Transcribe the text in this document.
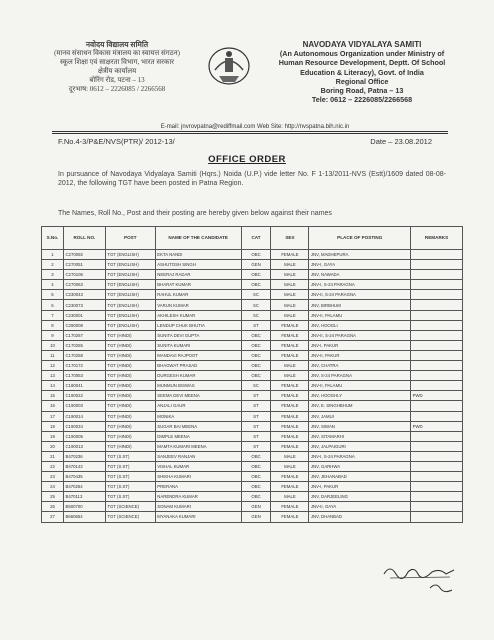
नवोदय विद्यालय समिति
(मानव संसाधन विकास मंत्रालय का स्वायत्त संगठन)
स्कूल शिक्षा एवं साक्षरता विभाग, भारत सरकार
क्षेत्रीय कार्यालय
बोरिंग रोड, पटना – 13
दूरभाष: 0612 – 2226085 / 2266568
NAVODAYA VIDYALAYA SAMITI
(An Autonomous Organization under Ministry of
Human Resource Development, Deptt. Of School
Education & Literacy), Govt. of India
Regional Office
Boring Road, Patna – 13
Tele: 0612 – 2226085/2266568
E-mail: jnvrovpatna@rediffmail.com Web Site: http://nvspatna.bih.nic.in
F.No.4-3/P&E/NVS(PTR)/ 2012-13/	Date – 23.08.2012
OFFICE ORDER
In pursuance of Navodaya Vidyalaya Samiti (Hqrs.) Noida (U.P.) vide letter No. F 1-13/2011-NVS (Estt)/1609 dated 08-08-2012, the following TGT have been posted in Patna Region.
The Names, Roll No., Post and their posting are hereby given below against their names
S.No.	ROLL NO.	POST	NAME OF THE CANDIDATE	CAT	SEX	PLACE OF POSTING	REMARKS
1	C270092	TGT (ENGLISH)	EKTA NANDI	OBC	FEMALE	JNV, MADHEPURA	
2	C270051	TGT (ENGLISH)	ASHUTOSH SINGH	GEN	MALE	JNV-I, GAYA	
3	C270106	TGT (ENGLISH)	NEERAJ RADAR	OBC	MALE	JNV, NAWADA	
4	C270063	TGT (ENGLISH)	BHARAT KUMAR	OBC	MALE	JNV-I, S-24 PARAGNA	
5	C230043	TGT (ENGLISH)	RAHUL KUMAR	SC	MALE	JNV-II, S-24 PARAGNA	
6	C230073	TGT (ENGLISH)	VARUN KUMAR	SC	MALE	JNV, BIRBHUM	
7	C230001	TGT (ENGLISH)	AKHILESH KUMAR	SC	MALE	JNV-II, PALAMU	
8	C290008	TGT (ENGLISH)	LENDUP CHUK BHUTIA	ST	FEMALE	JNV, HOOGLI	
9	C170267	TGT (HINDI)	SUNITA DEVI GUPTA	OBC	FEMALE	JNV-II, S-24 PARAGNA	
10	C170255	TGT (HINDI)	SUNITA KUMARI	OBC	FEMALE	JNV-I, PAKUR	
11	C170258	TGT (HINDI)	MANDAVI RAJPOOT	OBC	FEMALE	JNV-II, PAKUR	
12	C170172	TGT (HINDI)	BHAGWAT PRASAD	OBC	MALE	JNV, CHATRA	
13	C170053	TGT (HINDI)	DURGESH KUMAR	OBC	MALE	JNV, S-24 PARAGNA	
14	C180041	TGT (HINDI)	MUNMUN BISWAS	SC	FEMALE	JNV-II, PALAMU	
15	C190022	TGT (HINDI)	SEEMA DEVI MEENA	ST	FEMALE	JNV, HOOGHLY	PWD
16	C190003	TGT (HINDI)	ANJALI GAUR	ST	FEMALE	JNV, E. SINGHBHUM	
17	C190014	TGT (HINDI)	MONIKA	ST	FEMALE	JNV, JAMUI	
18	C190034	TGT (HINDI)	SUGAR BAI MEENA	ST	FEMALE	JNV, SIWAN	PWD
19	C190005	TGT (HINDI)	DIMPLE MEENA	ST	FEMALE	JNV, SITAMARHI	
20	C190013	TGT (HINDI)	MAMTA KUMARI MEENA	ST	FEMALE	JNV, JALPAIGURI	
21	B470236	TGT (S.ST)	SANJEEV RANJAN	OBC	MALE	JNV-I, S-24 PARAGNA	
22	B470143	TGT (S.ST)	VISHAL KUMAR	OBC	MALE	JNV, GARHWA	
23	B470435	TGT (S.ST)	SHIKHA KUMARI	OBC	FEMALE	JNV, JEHANABAD	
24	B470264	TGT (S.ST)	PRERANA	OBC	FEMALE	JNV-I, PAKUR	
25	B470113	TGT (S.ST)	NARENDRA KUMAR	OBC	MALE	JNV, DARJEELING	
26	B500700	TGT (SCIENCE)	SONAM KUMARI	GEN	FEMALE	JNV-II, GAYA	
27	B660654	TGT (SCIENCE)	MYANAKA KUMARI	GEN	FEMALE	JNV, DHANBAD	
